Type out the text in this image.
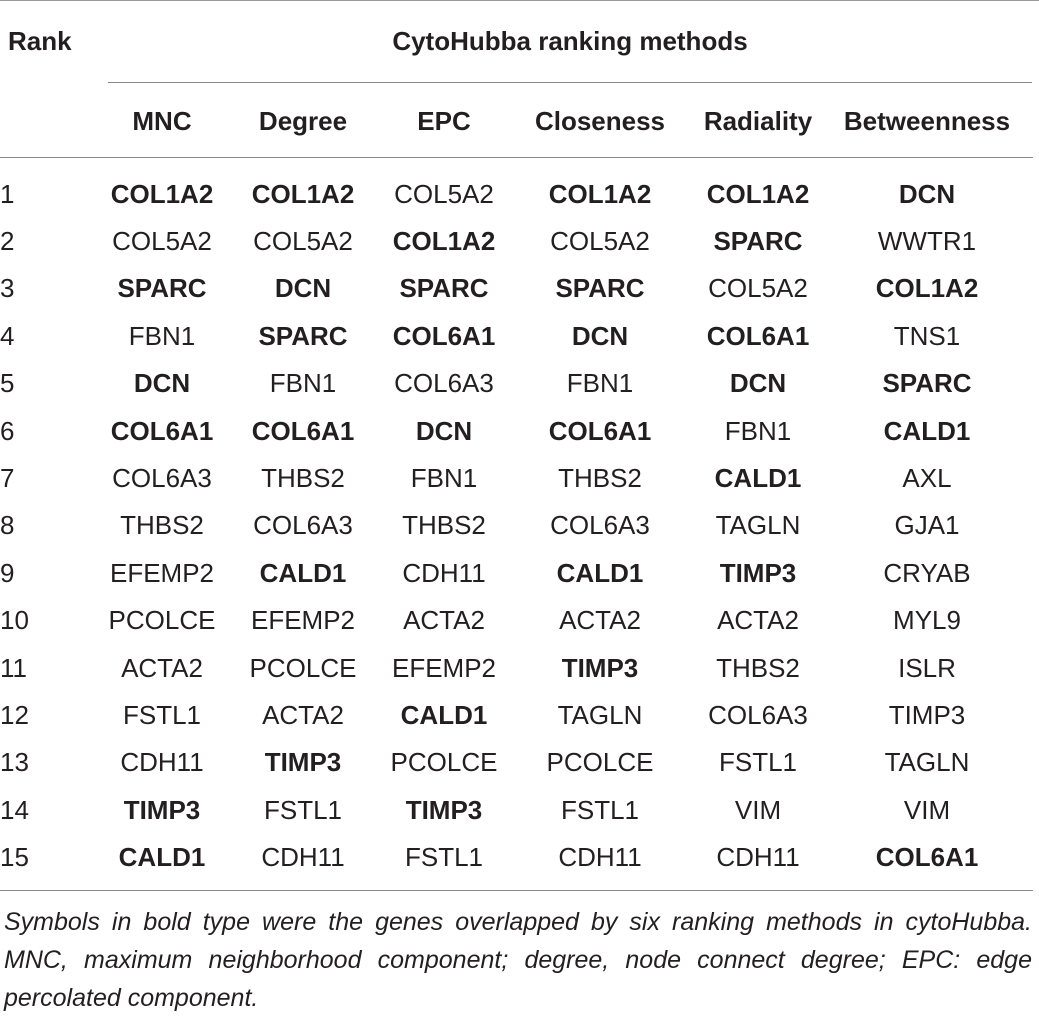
Rank	CytoHubba ranking methods
MNC	Degree	EPC	Closeness	Radiality	Betweenness
1	COL1A2	COL1A2	COL5A2	COL1A2	COL1A2	DCN
2	COL5A2	COL5A2	COL1A2	COL5A2	SPARC	WWTR1
3	SPARC	DCN	SPARC	SPARC	COL5A2	COL1A2
4	FBN1	SPARC	COL6A1	DCN	COL6A1	TNS1
5	DCN	FBN1	COL6A3	FBN1	DCN	SPARC
6	COL6A1	COL6A1	DCN	COL6A1	FBN1	CALD1
7	COL6A3	THBS2	FBN1	THBS2	CALD1	AXL
8	THBS2	COL6A3	THBS2	COL6A3	TAGLN	GJA1
9	EFEMP2	CALD1	CDH11	CALD1	TIMP3	CRYAB
10	PCOLCE	EFEMP2	ACTA2	ACTA2	ACTA2	MYL9
11	ACTA2	PCOLCE	EFEMP2	TIMP3	THBS2	ISLR
12	FSTL1	ACTA2	CALD1	TAGLN	COL6A3	TIMP3
13	CDH11	TIMP3	PCOLCE	PCOLCE	FSTL1	TAGLN
14	TIMP3	FSTL1	TIMP3	FSTL1	VIM	VIM
15	CALD1	CDH11	FSTL1	CDH11	CDH11	COL6A1
Symbols in bold type were the genes overlapped by six ranking methods in cytoHubba. MNC, maximum neighborhood component; degree, node connect degree; EPC: edge percolated component.
